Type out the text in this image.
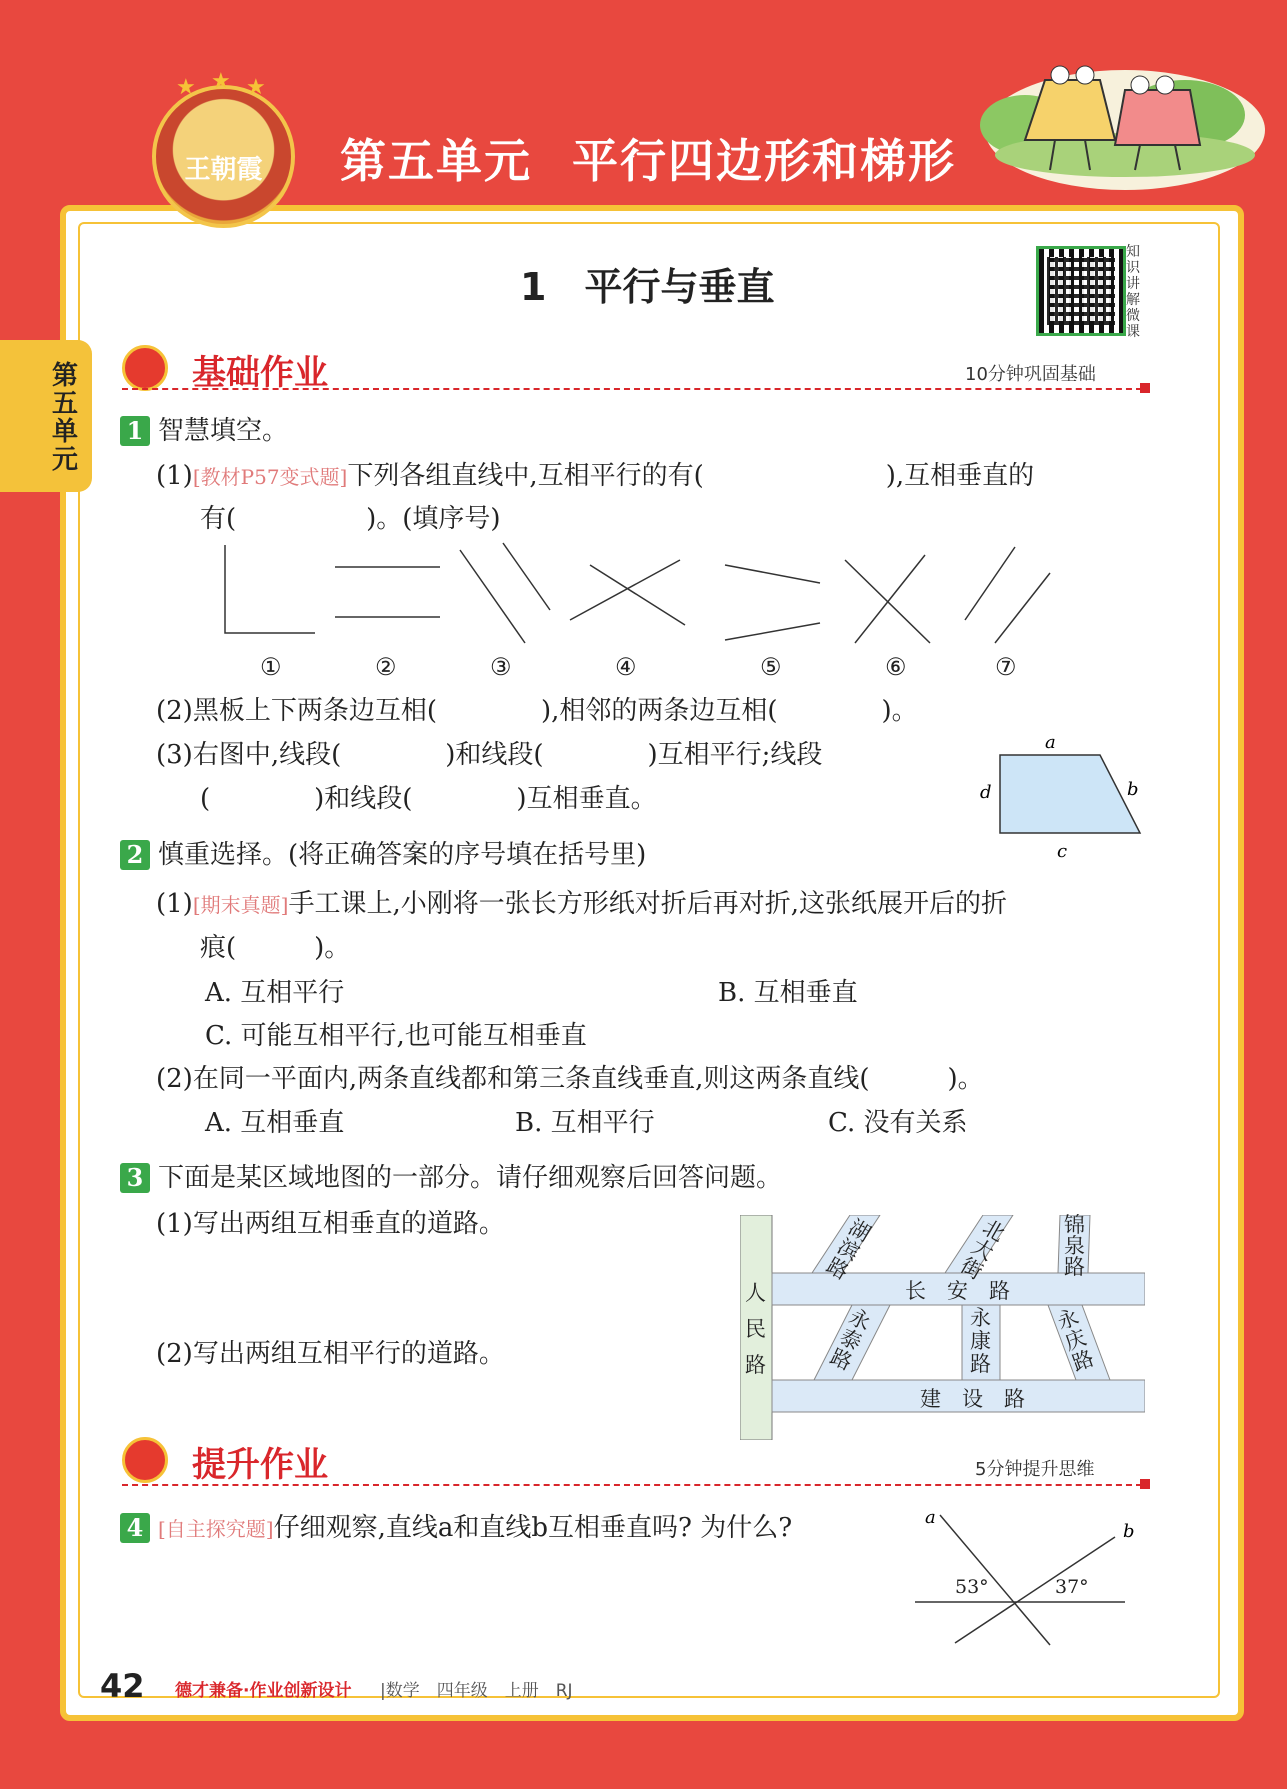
★ ★ ★
王朝霞	第五单元 平行四边形和梯形
第五单元
1　平行与垂直
知识讲解微课
基础作业	10分钟巩固基础
1 智慧填空。
(1)[教材P57变式题]下列各组直线中,互相平行的有(　　　　　　　),互相垂直的
有(　　　　　)。(填序号)
①	②	③	④	⑤	⑥	⑦
(2)黑板上下两条边互相(　　　　),相邻的两条边互相(　　　　)。
(3)右图中,线段(　　　　)和线段(　　　　)互相平行;线段
(　　　　)和线段(　　　　)互相垂直。
a
b
c
d
2 慎重选择。(将正确答案的序号填在括号里)
(1)[期末真题]手工课上,小刚将一张长方形纸对折后再对折,这张纸展开后的折
痕(　　　)。
A. 互相平行	B. 互相垂直
C. 可能互相平行,也可能互相垂直
(2)在同一平面内,两条直线都和第三条直线垂直,则这两条直线(　　　)。
A. 互相垂直	B. 互相平行	C. 没有关系
3 下面是某区域地图的一部分。请仔细观察后回答问题。
(1)写出两组互相垂直的道路。
(2)写出两组互相平行的道路。
人民路
长　安　路
建　设　路
湖滨路
北大街
锦泉路
永泰路
永康路
永庆路
提升作业	5分钟提升思维
4 [自主探究题]仔细观察,直线a和直线b互相垂直吗? 为什么?	a
b
53°	37°
42 德才兼备·作业创新设计 |数学　四年级　上册　RJ
